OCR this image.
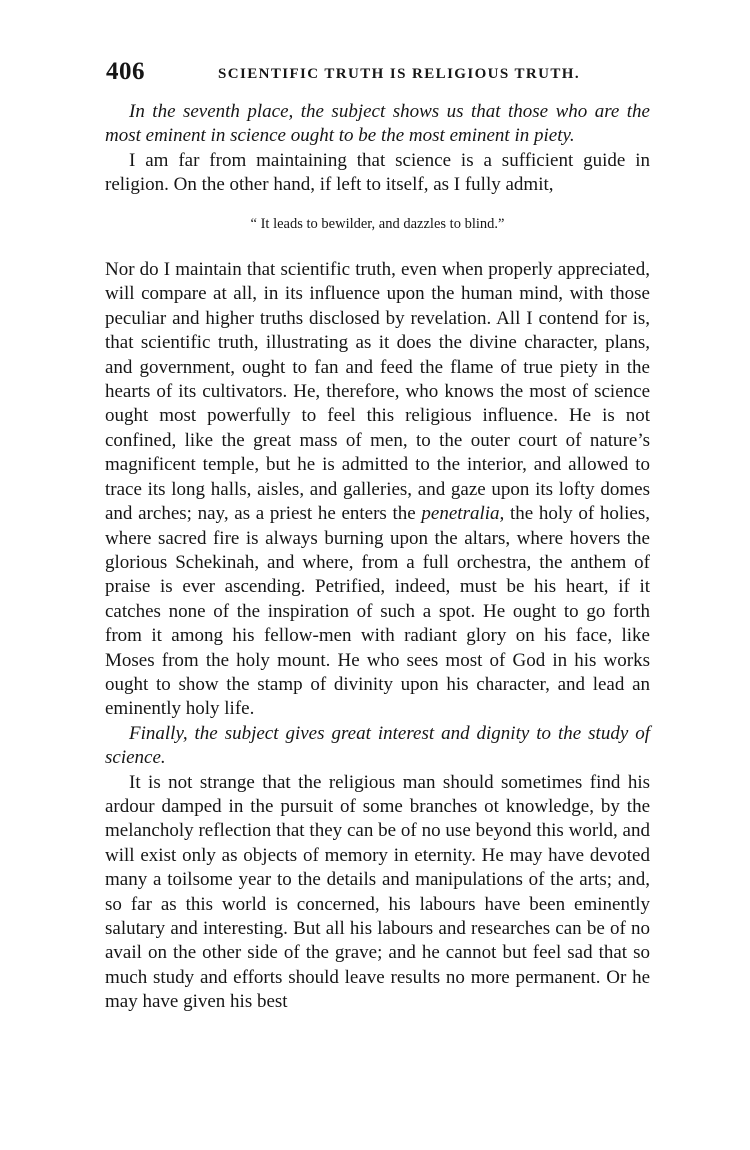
406	SCIENTIFIC TRUTH IS RELIGIOUS TRUTH.

In the seventh place, the subject shows us that those who are the most eminent in science ought to be the most eminent in piety.

I am far from maintaining that science is a sufficient guide in religion. On the other hand, if left to itself, as I fully admit,

“ It leads to bewilder, and dazzles to blind.”

Nor do I maintain that scientific truth, even when properly appreciated, will compare at all, in its influence upon the human mind, with those peculiar and higher truths disclosed by revelation. All I contend for is, that scientific truth, illustrating as it does the divine character, plans, and government, ought to fan and feed the flame of true piety in the hearts of its cultivators. He, therefore, who knows the most of science ought most powerfully to feel this religious influence. He is not confined, like the great mass of men, to the outer court of nature’s magnificent temple, but he is admitted to the interior, and allowed to trace its long halls, aisles, and galleries, and gaze upon its lofty domes and arches; nay, as a priest he enters the penetralia, the holy of holies, where sacred fire is always burning upon the altars, where hovers the glorious Schekinah, and where, from a full orchestra, the anthem of praise is ever ascending. Petrified, indeed, must be his heart, if it catches none of the inspiration of such a spot. He ought to go forth from it among his fellow-men with radiant glory on his face, like Moses from the holy mount. He who sees most of God in his works ought to show the stamp of divinity upon his character, and lead an eminently holy life.

Finally, the subject gives great interest and dignity to the study of science.

It is not strange that the religious man should sometimes find his ardour damped in the pursuit of some branches ot knowledge, by the melancholy reflection that they can be of no use beyond this world, and will exist only as objects of memory in eternity. He may have devoted many a toilsome year to the details and manipulations of the arts; and, so far as this world is concerned, his labours have been eminently salutary and interesting. But all his labours and researches can be of no avail on the other side of the grave; and he cannot but feel sad that so much study and efforts should leave results no more permanent. Or he may have given his best
